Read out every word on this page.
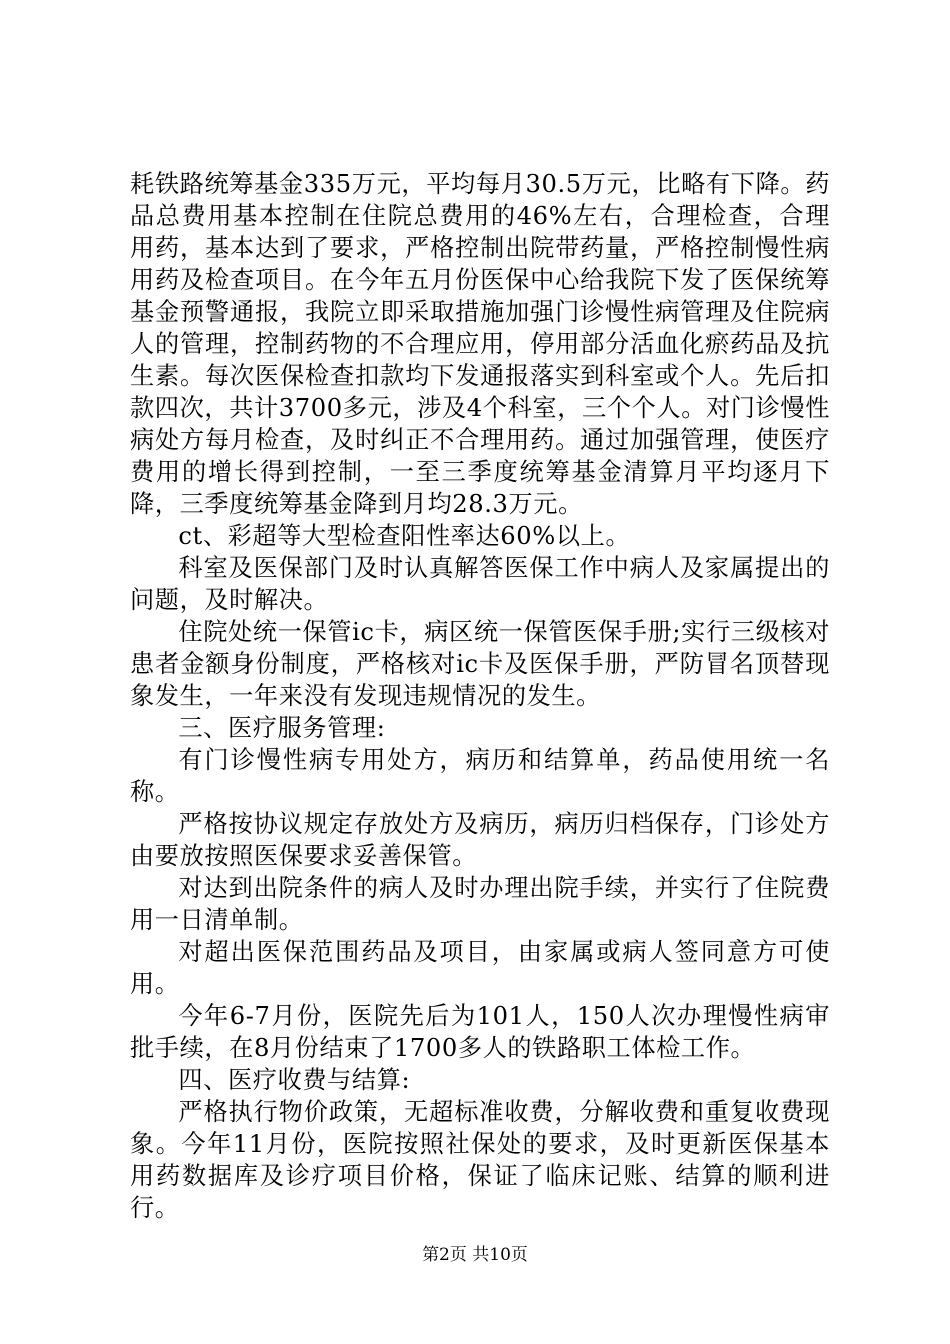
耗铁路统筹基金335万元，平均每月30.5万元，比略有下降。药品总费用基本控制在住院总费用的46%左右，合理检查，合理用药，基本达到了要求，严格控制出院带药量，严格控制慢性病用药及检查项目。在今年五月份医保中心给我院下发了医保统筹基金预警通报，我院立即采取措施加强门诊慢性病管理及住院病人的管理，控制药物的不合理应用，停用部分活血化瘀药品及抗生素。每次医保检查扣款均下发通报落实到科室或个人。先后扣款四次，共计3700多元，涉及4个科室，三个个人。对门诊慢性病处方每月检查，及时纠正不合理用药。通过加强管理，使医疗费用的增长得到控制，一至三季度统筹基金清算月平均逐月下降，三季度统筹基金降到月均28.3万元。

ct、彩超等大型检查阳性率达60%以上。

科室及医保部门及时认真解答医保工作中病人及家属提出的问题，及时解决。

住院处统一保管ic卡，病区统一保管医保手册;实行三级核对患者金额身份制度，严格核对ic卡及医保手册，严防冒名顶替现象发生，一年来没有发现违规情况的发生。

三、医疗服务管理:

有门诊慢性病专用处方，病历和结算单，药品使用统一名称。

严格按协议规定存放处方及病历，病历归档保存，门诊处方由要放按照医保要求妥善保管。

对达到出院条件的病人及时办理出院手续，并实行了住院费用一日清单制。

对超出医保范围药品及项目，由家属或病人签同意方可使用。

今年6-7月份，医院先后为101人，150人次办理慢性病审批手续，在8月份结束了1700多人的铁路职工体检工作。

四、医疗收费与结算:

严格执行物价政策，无超标准收费，分解收费和重复收费现象。今年11月份，医院按照社保处的要求，及时更新医保基本用药数据库及诊疗项目价格，保证了临床记账、结算的顺利进行。

第2页 共10页
